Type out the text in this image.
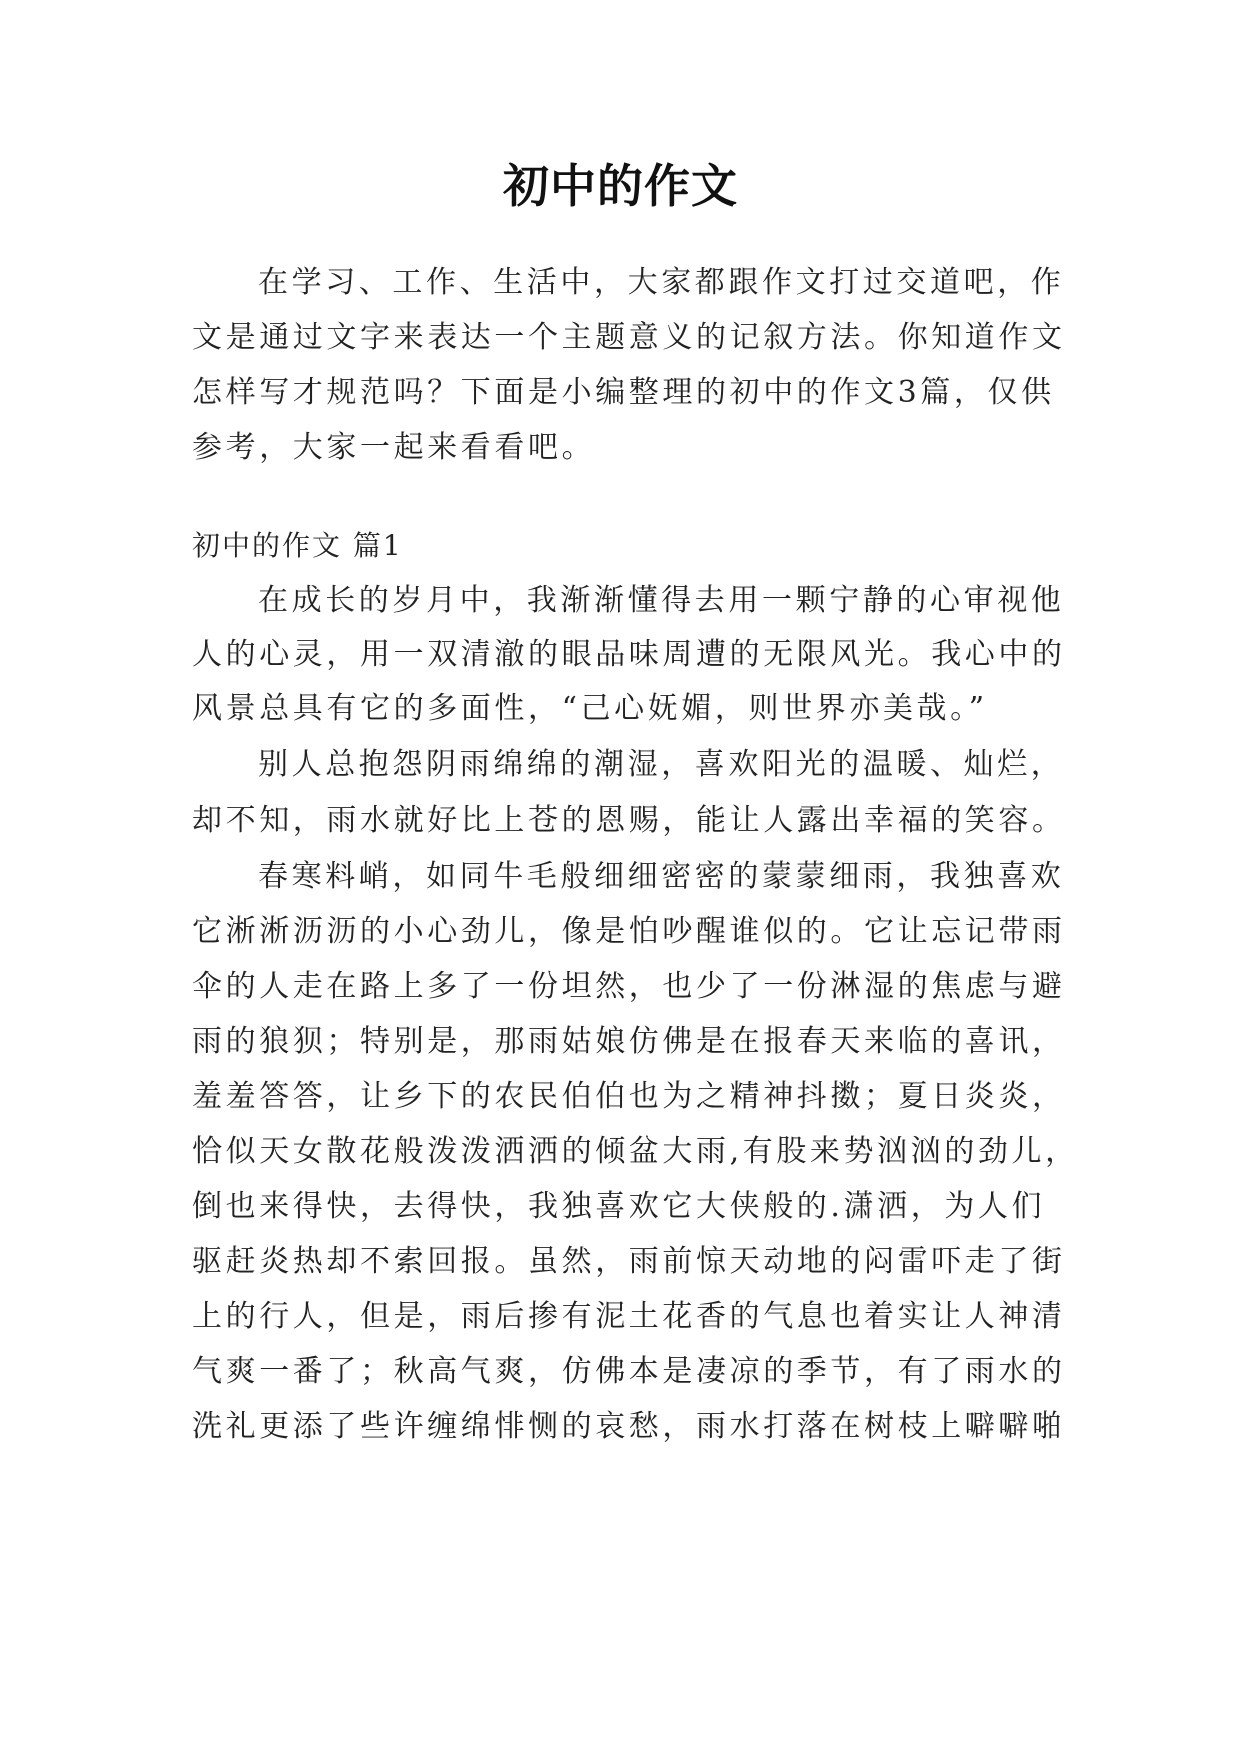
初中的作文
在学习、工作、生活中，大家都跟作文打过交道吧，作
文是通过文字来表达一个主题意义的记叙方法。你知道作文
怎样写才规范吗？下面是小编整理的初中的作文3篇，仅供
参考，大家一起来看看吧。
初中的作文 篇1
在成长的岁月中，我渐渐懂得去用一颗宁静的心审视他
人的心灵，用一双清澈的眼品味周遭的无限风光。我心中的
风景总具有它的多面性，“己心妩媚，则世界亦美哉。”
别人总抱怨阴雨绵绵的潮湿，喜欢阳光的温暖、灿烂，
却不知，雨水就好比上苍的恩赐，能让人露出幸福的笑容。
春寒料峭，如同牛毛般细细密密的蒙蒙细雨，我独喜欢
它淅淅沥沥的小心劲儿，像是怕吵醒谁似的。它让忘记带雨
伞的人走在路上多了一份坦然，也少了一份淋湿的焦虑与避
雨的狼狈；特别是，那雨姑娘仿佛是在报春天来临的喜讯，
羞羞答答，让乡下的农民伯伯也为之精神抖擞；夏日炎炎，
恰似天女散花般泼泼洒洒的倾盆大雨,有股来势汹汹的劲儿，
倒也来得快，去得快，我独喜欢它大侠般的.潇洒，为人们
驱赶炎热却不索回报。虽然，雨前惊天动地的闷雷吓走了街
上的行人，但是，雨后掺有泥土花香的气息也着实让人神清
气爽一番了；秋高气爽，仿佛本是凄凉的季节，有了雨水的
洗礼更添了些许缠绵悱恻的哀愁，雨水打落在树枝上噼噼啪
